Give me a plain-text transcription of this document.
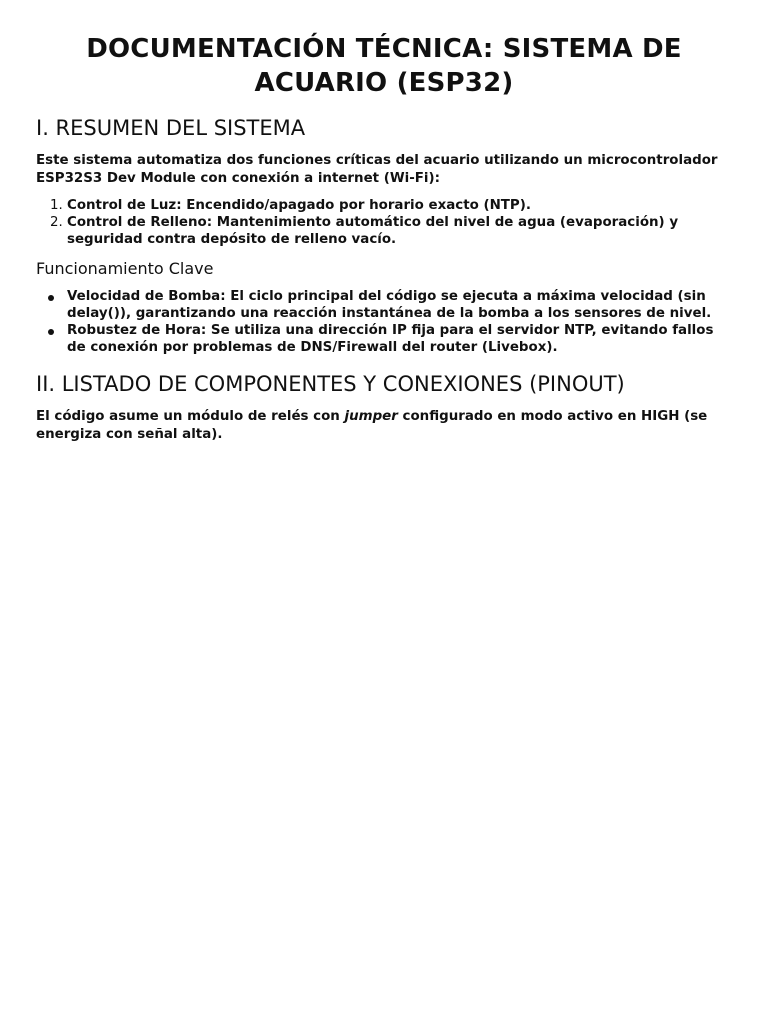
DOCUMENTACIÓN TÉCNICA: SISTEMA DE ACUARIO (ESP32)
I. RESUMEN DEL SISTEMA

Este sistema automatiza dos funciones críticas del acuario utilizando un microcontrolador ESP32S3 Dev Module con conexión a internet (Wi-Fi):

1. Control de Luz: Encendido/apagado por horario exacto (NTP).
2. Control de Relleno: Mantenimiento automático del nivel de agua (evaporación) y seguridad contra depósito de relleno vacío.
Funcionamiento Clave
Velocidad de Bomba: El ciclo principal del código se ejecuta a máxima velocidad (sin delay()), garantizando una reacción instantánea de la bomba a los sensores de nivel.
Robustez de Hora: Se utiliza una dirección IP fija para el servidor NTP, evitando fallos de conexión por problemas de DNS/Firewall del router (Livebox).
II. LISTADO DE COMPONENTES Y CONEXIONES (PINOUT)

El código asume un módulo de relés con jumper configurado en modo activo en HIGH (se energiza con señal alta).
